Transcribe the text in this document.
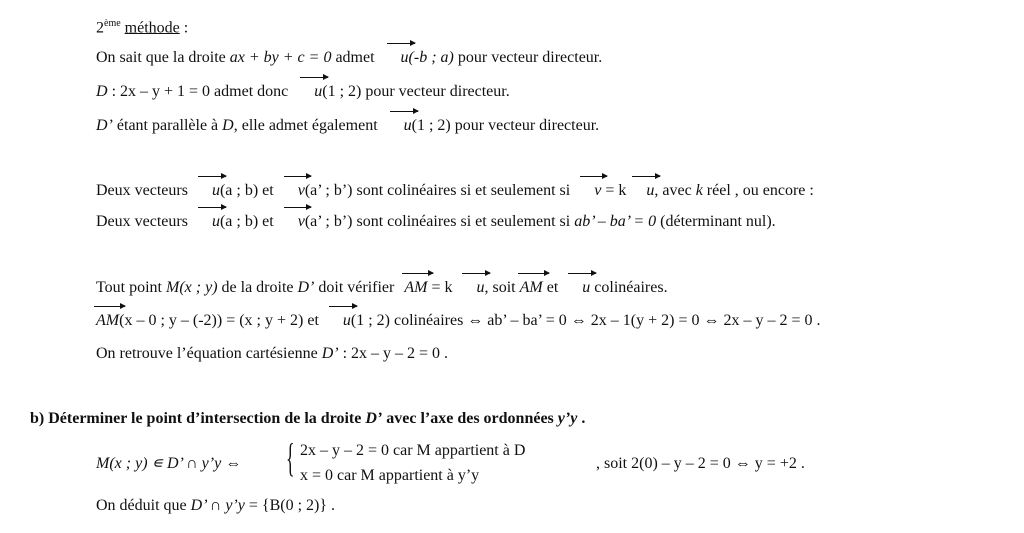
2ème méthode :
On sait que la droite ax + by + c = 0 admet u(-b ; a) pour vecteur directeur.
D : 2x – y + 1 = 0 admet donc u(1 ; 2) pour vecteur directeur.
D’ étant parallèle à D, elle admet également u(1 ; 2) pour vecteur directeur.
Deux vecteurs u(a ; b) et v(a’ ; b’) sont colinéaires si et seulement si v = k u, avec k réel , ou encore :
Deux vecteurs u(a ; b) et v(a’ ; b’) sont colinéaires si et seulement si ab’ – ba’ = 0 (déterminant nul).
Tout point M(x ; y) de la droite D’ doit vérifier AM = k u, soit AM et u colinéaires.
AM(x – 0 ; y – (-2)) = (x ; y + 2) et u(1 ; 2) colinéaires ⇔ ab’ – ba’ = 0 ⇔ 2x – 1(y + 2) = 0 ⇔ 2x – y – 2 = 0 .
On retrouve l’équation cartésienne D’ : 2x – y – 2 = 0 .
b) Déterminer le point d’intersection de la droite D’ avec l’axe des ordonnées y’y .
M(x ; y) ∊ D’ ∩ y’y ⇔ { 2x – y – 2 = 0 car M appartient à D
x = 0 car M appartient à y’y
, soit 2(0) – y – 2 = 0 ⇔ y = +2 .
On déduit que D’ ∩ y’y = {B(0 ; 2)} .
